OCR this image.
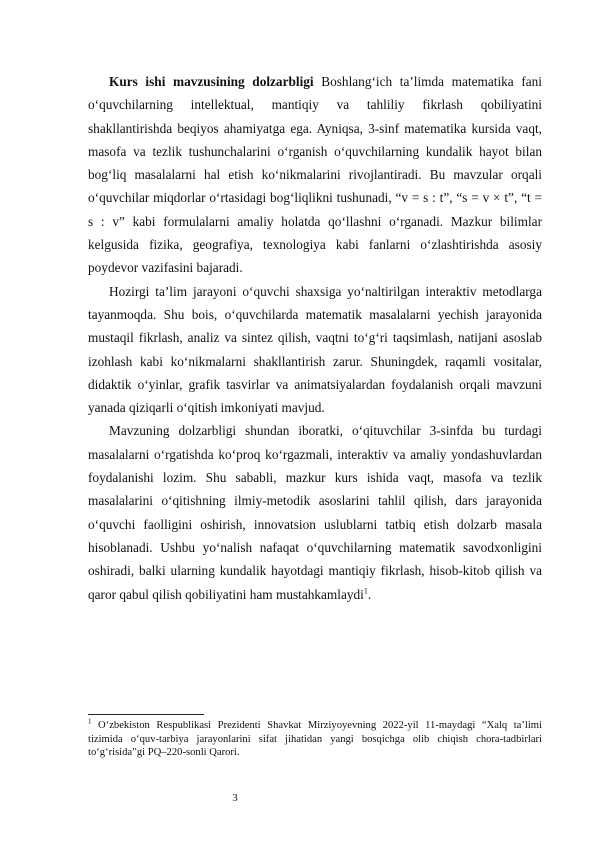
Kurs ishi mavzusining dolzarbligi Boshlang‘ich ta’limda matematika fani o‘quvchilarning intellektual, mantiqiy va tahliliy fikrlash qobiliyatini shakllantirishda beqiyos ahamiyatga ega. Ayniqsa, 3-sinf matematika kursida vaqt, masofa va tezlik tushunchalarini o‘rganish o‘quvchilarning kundalik hayot bilan bog‘liq masalalarni hal etish ko‘nikmalarini rivojlantiradi. Bu mavzular orqali o‘quvchilar miqdorlar o‘rtasidagi bog‘liqlikni tushunadi, “v = s : t”, “s = v × t”, “t = s : v” kabi formulalarni amaliy holatda qo‘llashni o‘rganadi. Mazkur bilimlar kelgusida fizika, geografiya, texnologiya kabi fanlarni o‘zlashtirishda asosiy poydevor vazifasini bajaradi.

Hozirgi ta’lim jarayoni o‘quvchi shaxsiga yo‘naltirilgan interaktiv metodlarga tayanmoqda. Shu bois, o‘quvchilarda matematik masalalarni yechish jarayonida mustaqil fikrlash, analiz va sintez qilish, vaqtni to‘g‘ri taqsimlash, natijani asoslab izohlash kabi ko‘nikmalarni shakllantirish zarur. Shuningdek, raqamli vositalar, didaktik o‘yinlar, grafik tasvirlar va animatsiyalardan foydalanish orqali mavzuni yanada qiziqarli o‘qitish imkoniyati mavjud.

Mavzuning dolzarbligi shundan iboratki, o‘qituvchilar 3-sinfda bu turdagi masalalarni o‘rgatishda ko‘proq ko‘rgazmali, interaktiv va amaliy yondashuvlardan foydalanishi lozim. Shu sababli, mazkur kurs ishida vaqt, masofa va tezlik masalalarini o‘qitishning ilmiy-metodik asoslarini tahlil qilish, dars jarayonida o‘quvchi faolligini oshirish, innovatsion uslublarni tatbiq etish dolzarb masala hisoblanadi. Ushbu yo‘nalish nafaqat o‘quvchilarning matematik savodxonligini oshiradi, balki ularning kundalik hayotdagi mantiqiy fikrlash, hisob-kitob qilish va qaror qabul qilish qobiliyatini ham mustahkamlaydi$^1$.

$^1$ O‘zbekiston Respublikasi Prezidenti Shavkat Mirziyoyevning 2022-yil 11-maydagi “Xalq ta’limi tizimida o‘quv-tarbiya jarayonlarini sifat jihatidan yangi bosqichga olib chiqish chora-tadbirlari to‘g‘risida”gi PQ–220-sonli Qarori.
3
